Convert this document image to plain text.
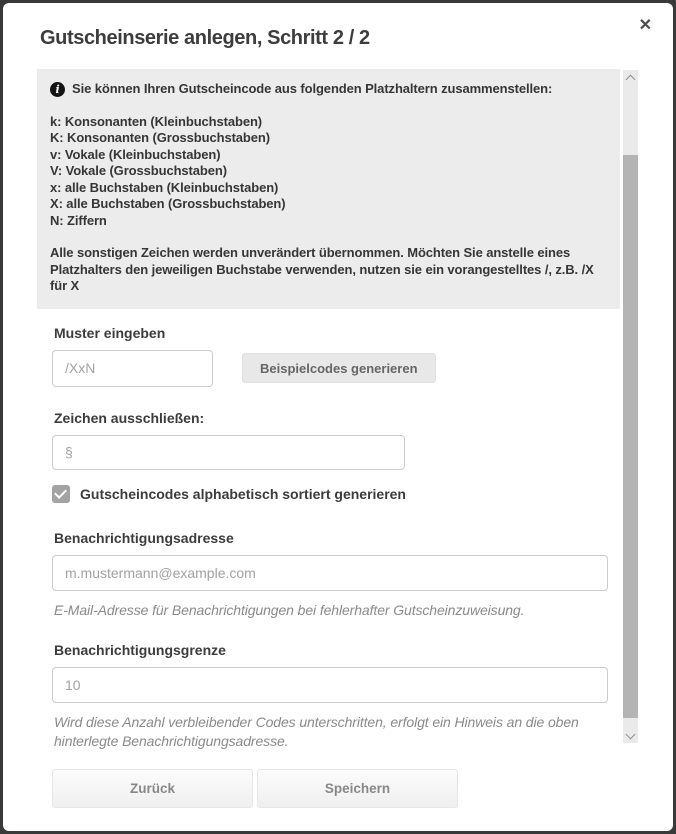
✕
Gutscheinserie anlegen, Schritt 2 / 2
i Sie können Ihren Gutscheincode aus folgenden Platzhaltern zusammenstellen:
k: Konsonanten (Kleinbuchstaben)
K: Konsonanten (Grossbuchstaben)
v: Vokale (Kleinbuchstaben)
V: Vokale (Grossbuchstaben)
x: alle Buchstaben (Kleinbuchstaben)
X: alle Buchstaben (Grossbuchstaben)
N: Ziffern
Alle sonstigen Zeichen werden unverändert übernommen. Möchten Sie anstelle eines Platzhalters den jeweiligen Buchstabe verwenden, nutzen sie ein vorangestelltes /, z.B. /X für X
Muster eingeben
/XxN
Beispielcodes generieren
Zeichen ausschließen:
§
Gutscheincodes alphabetisch sortiert generieren
Benachrichtigungsadresse
m.mustermann@example.com
E-Mail-Adresse für Benachrichtigungen bei fehlerhafter Gutscheinzuweisung.
Benachrichtigungsgrenze
10
Wird diese Anzahl verbleibender Codes unterschritten, erfolgt ein Hinweis an die oben hinterlegte Benachrichtigungsadresse.
Zurück	Speichern
